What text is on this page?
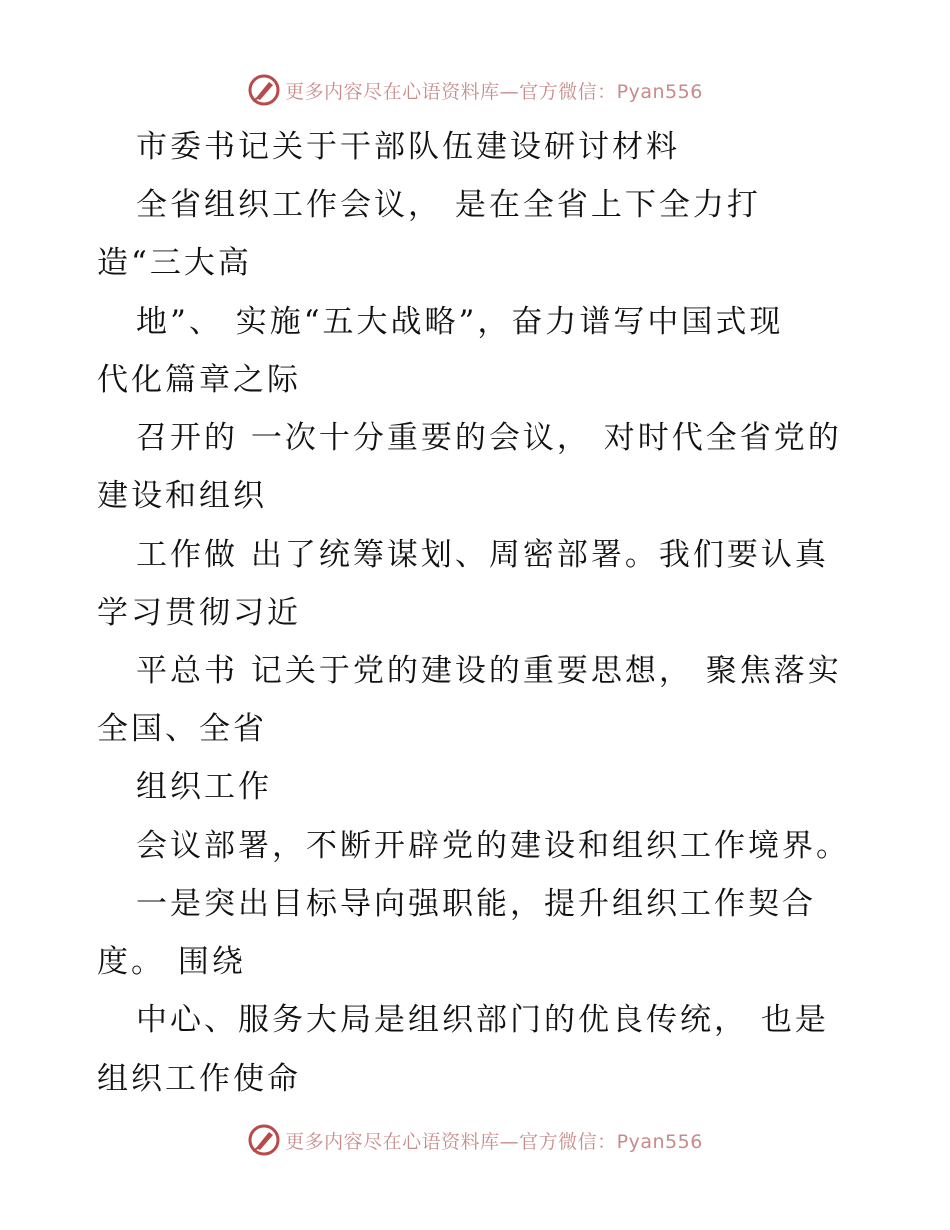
更多内容尽在心语资料库—官方微信：Pyan556
市委书记关于干部队伍建设研讨材料
全省组织工作会议， 是在全省上下全力打
造“三大高
地”、 实施“五大战略”，奋力谱写中国式现
代化篇章之际
召开的 一次十分重要的会议， 对时代全省党的
建设和组织
工作做 出了统筹谋划、周密部署。我们要认真
学习贯彻习近
平总书 记关于党的建设的重要思想， 聚焦落实
全国、全省
组织工作
会议部署，不断开辟党的建设和组织工作境界。
一是突出目标导向强职能，提升组织工作契合
度。 围绕
中心、服务大局是组织部门的优良传统， 也是
组织工作使命
更多内容尽在心语资料库—官方微信：Pyan556
